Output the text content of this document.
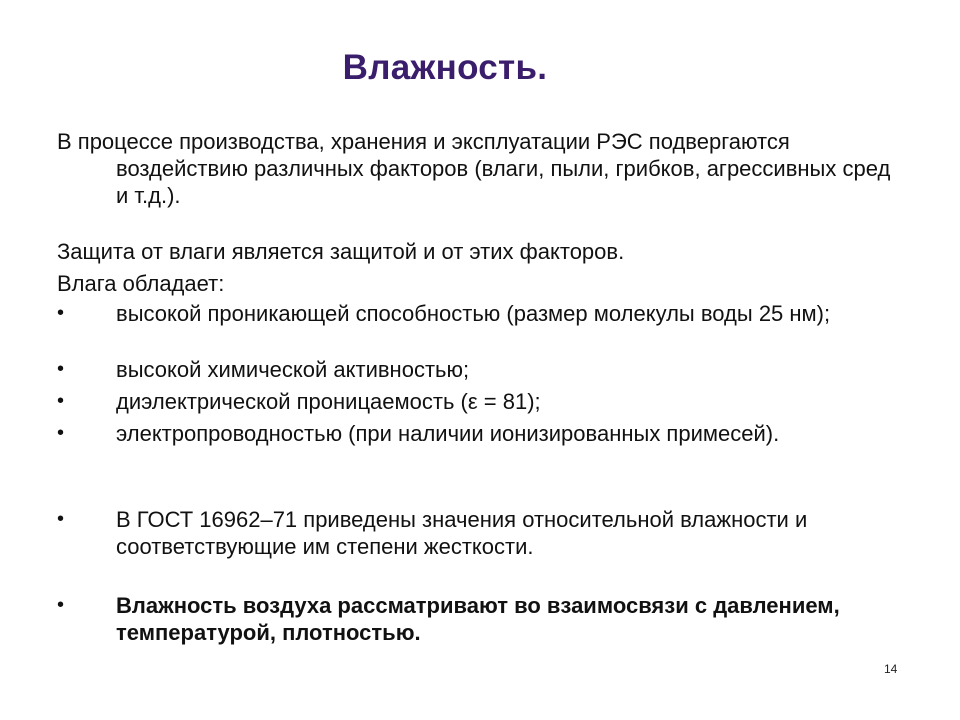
Влажность.
В процессе производства, хранения и эксплуатации РЭС подвергаются воздействию различных факторов (влаги, пыли, грибков, агрессивных сред и т.д.).
Защита от влаги является защитой и от этих факторов.
Влага обладает:
• высокой проникающей способностью (размер молекулы воды 25 нм);
• высокой химической активностью;
• диэлектрической проницаемость (ε = 81);
• электропроводностью (при наличии ионизированных примесей).
• В ГОСТ 16962–71 приведены значения относительной влажности и соответствующие им степени жесткости.
• Влажность воздуха рассматривают во взаимосвязи с давлением, температурой, плотностью.
14
